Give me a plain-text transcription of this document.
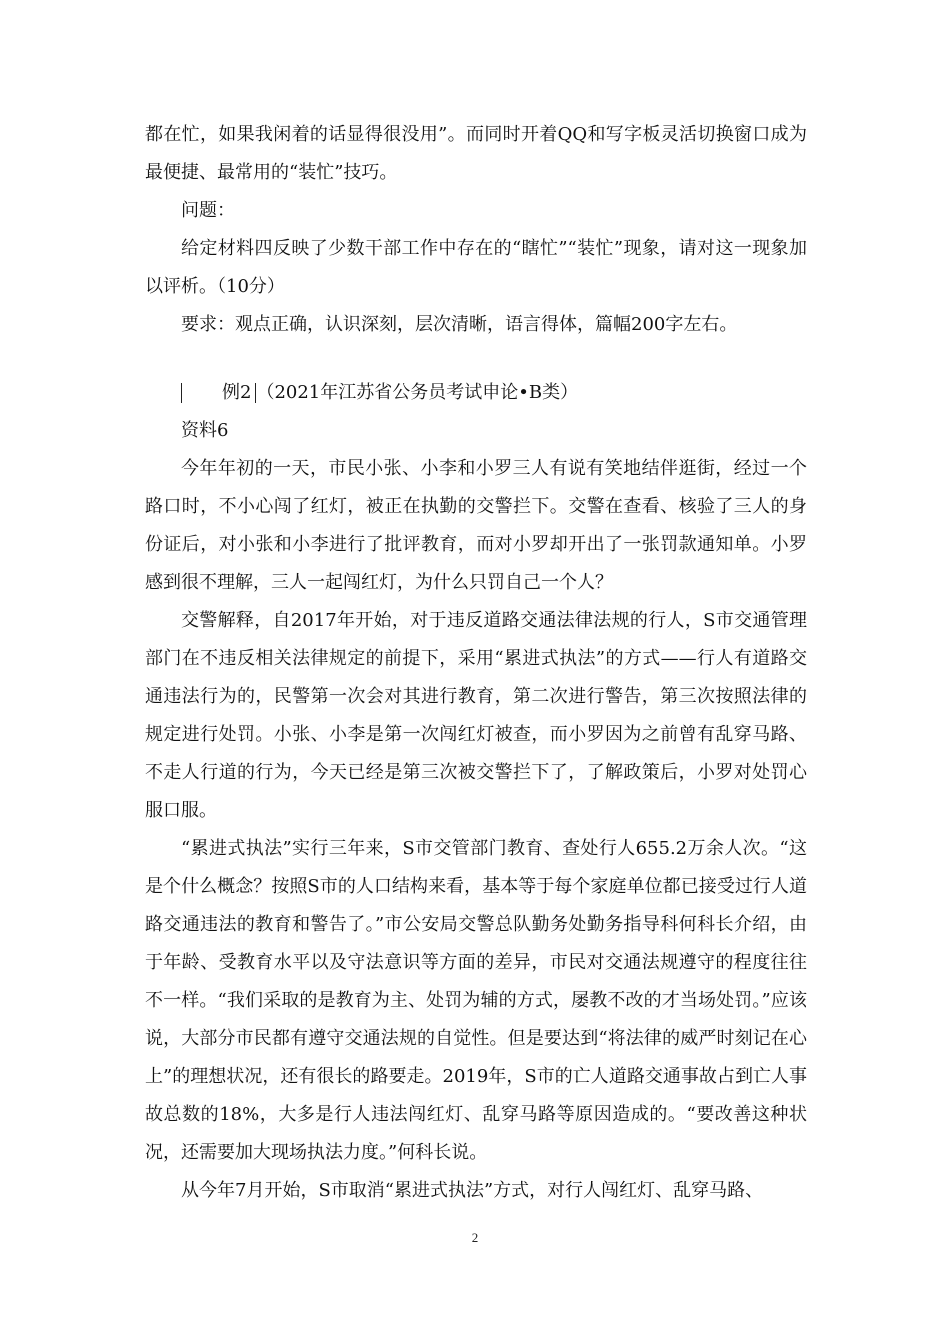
都在忙，如果我闲着的话显得很没用”。而同时开着QQ和写字板灵活切换窗口成为最便捷、最常用的“装忙”技巧。

问题：

给定材料四反映了少数干部工作中存在的“瞎忙”“装忙”现象，请对这一现象加以评析。（10分）

要求：观点正确，认识深刻，层次清晰，语言得体，篇幅200字左右。

例2 （2021年江苏省公务员考试申论•B类）

资料6

今年年初的一天，市民小张、小李和小罗三人有说有笑地结伴逛街，经过一个路口时，不小心闯了红灯，被正在执勤的交警拦下。交警在查看、核验了三人的身份证后，对小张和小李进行了批评教育，而对小罗却开出了一张罚款通知单。小罗感到很不理解，三人一起闯红灯，为什么只罚自己一个人？

交警解释，自2017年开始，对于违反道路交通法律法规的行人，S市交通管理部门在不违反相关法律规定的前提下，采用“累进式执法”的方式——行人有道路交通违法行为的，民警第一次会对其进行教育，第二次进行警告，第三次按照法律的规定进行处罚。小张、小李是第一次闯红灯被查，而小罗因为之前曾有乱穿马路、不走人行道的行为，今天已经是第三次被交警拦下了，了解政策后，小罗对处罚心服口服。

“累进式执法”实行三年来，S市交管部门教育、查处行人655.2万余人次。“这是个什么概念？按照S市的人口结构来看，基本等于每个家庭单位都已接受过行人道路交通违法的教育和警告了。”市公安局交警总队勤务处勤务指导科何科长介绍，由于年龄、受教育水平以及守法意识等方面的差异，市民对交通法规遵守的程度往往不一样。“我们采取的是教育为主、处罚为辅的方式，屡教不改的才当场处罚。”应该说，大部分市民都有遵守交通法规的自觉性。但是要达到“将法律的威严时刻记在心上”的理想状况，还有很长的路要走。2019年，S市的亡人道路交通事故占到亡人事故总数的18%，大多是行人违法闯红灯、乱穿马路等原因造成的。“要改善这种状况，还需要加大现场执法力度。”何科长说。

从今年7月开始，S市取消“累进式执法”方式，对行人闯红灯、乱穿马路、

2
